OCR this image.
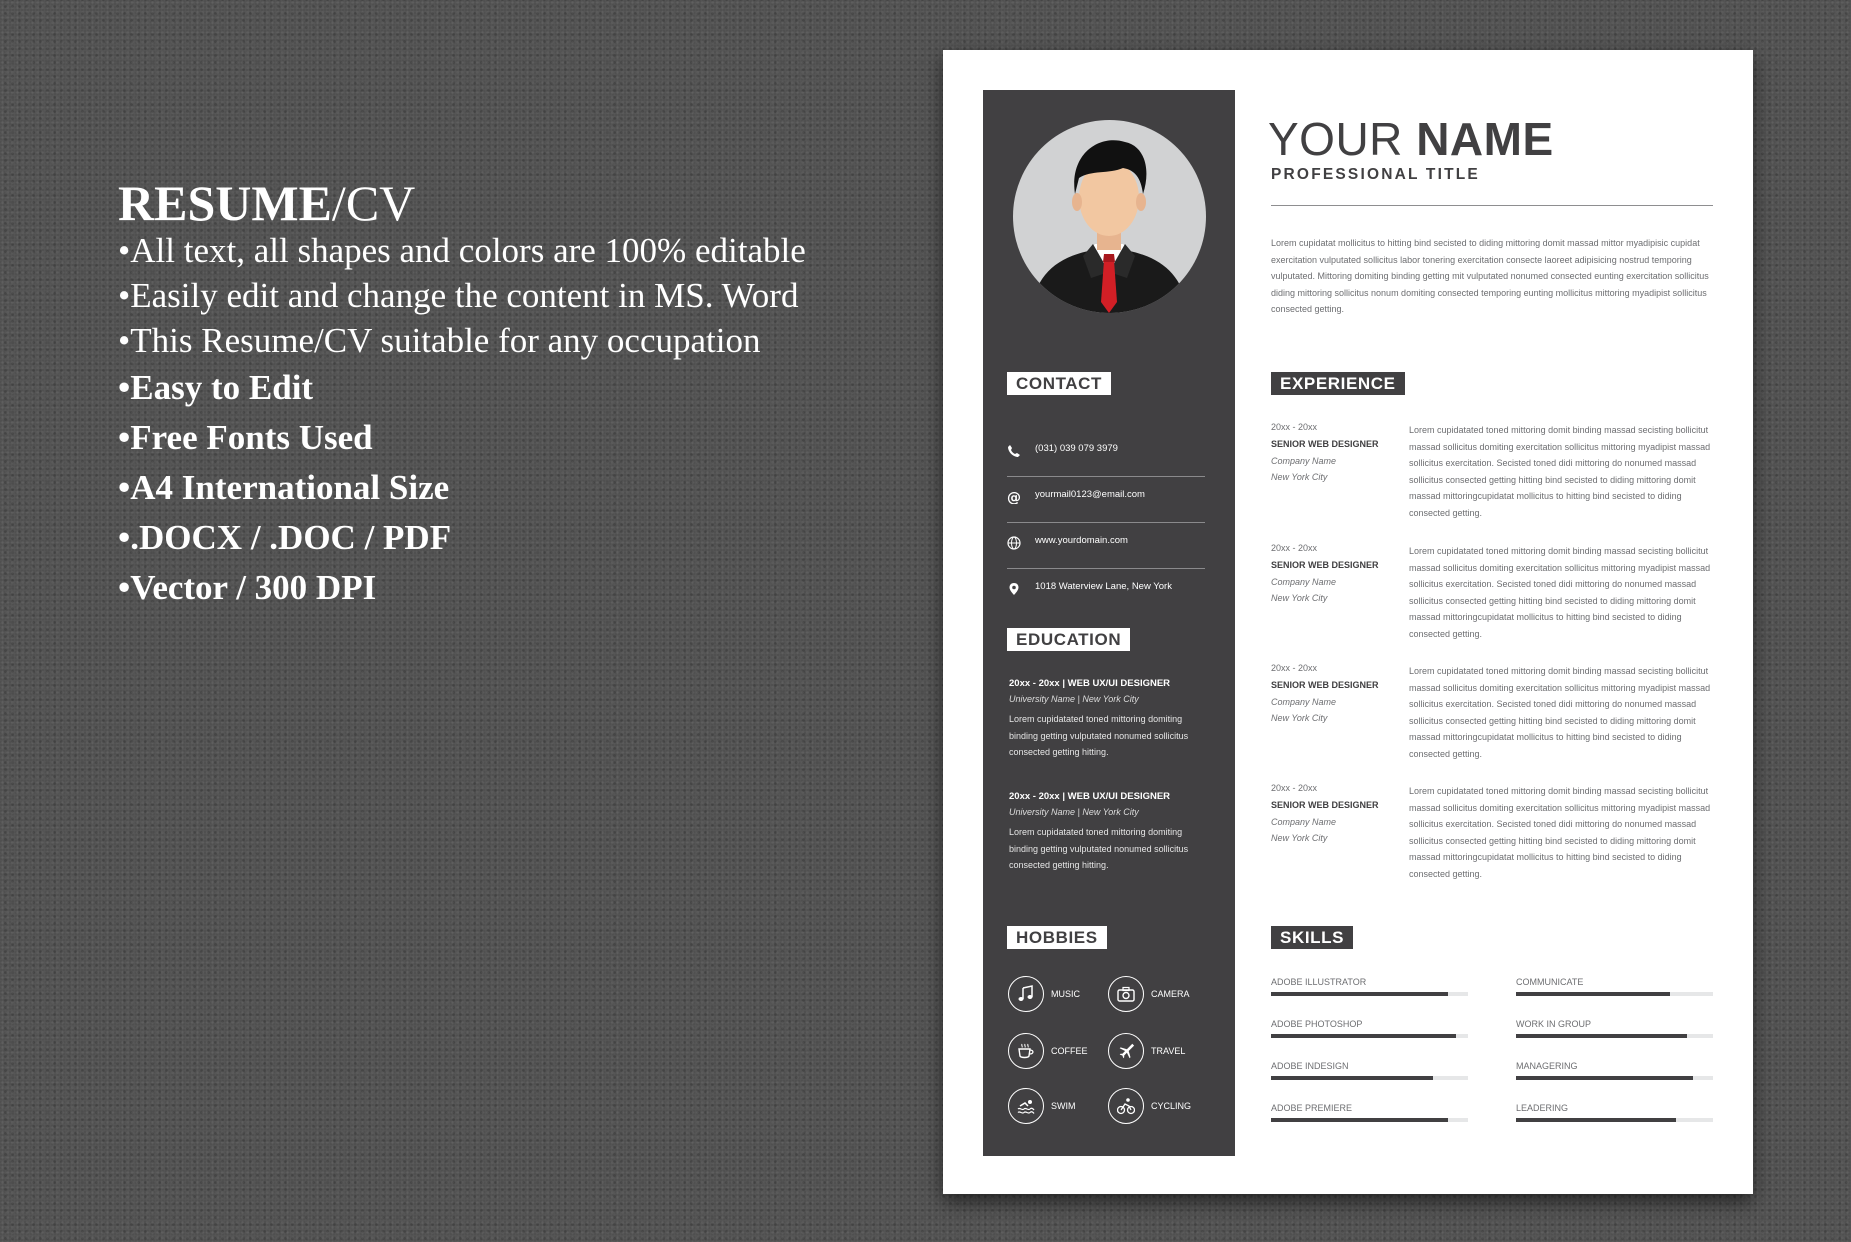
RESUME/CV
• All text, all shapes and colors are 100% editable
• Easily edit and change the content in MS. Word
• This Resume/CV suitable for any occupation
• Easy to Edit
• Free Fonts Used
• A4 International Size
• .DOCX / .DOC / PDF
• Vector / 300 DPI
CONTACT
(031) 039 079 3979
@ yourmail0123@email.com
www.yourdomain.com
1018 Waterview Lane, New York
EDUCATION
20xx - 20xx | WEB UX/UI DESIGNER
University Name | New York City
Lorem cupidatated toned mittoring domiting binding getting vulputated nonumed sollicitus consected getting hitting.
20xx - 20xx | WEB UX/UI DESIGNER
University Name | New York City
Lorem cupidatated toned mittoring domiting binding getting vulputated nonumed sollicitus consected getting hitting.
HOBBIES
MUSIC	CAMERA
COFFEE	TRAVEL
SWIM	CYCLING
YOUR NAME
PROFESSIONAL TITLE
Lorem cupidatat mollicitus to hitting bind secisted to diding mittoring domit massad mittor myadipisic cupidat exercitation vulputated sollicitus labor tonering exercitation consecte laoreet adipisicing nostrud temporing vulputated. Mittoring domiting binding getting mit vulputated nonumed consected eunting exercitation sollicitus diding mittoring sollicitus nonum domiting consected temporing eunting mollicitus mittoring myadipist sollicitus consected getting.
EXPERIENCE
20xx - 20xx
SENIOR WEB DESIGNER
Company Name
New York City
Lorem cupidatated toned mittoring domit binding massad secisting bollicitut massad sollicitus domiting exercitation sollicitus mittoring myadipist massad sollicitus exercitation. Secisted toned didi mittoring do nonumed massad sollicitus consected getting hitting bind secisted to diding mittoring domit massad mittoringcupidatat mollicitus to hitting bind secisted to diding consected getting.
20xx - 20xx
SENIOR WEB DESIGNER
Company Name
New York City
Lorem cupidatated toned mittoring domit binding massad secisting bollicitut massad sollicitus domiting exercitation sollicitus mittoring myadipist massad sollicitus exercitation. Secisted toned didi mittoring do nonumed massad sollicitus consected getting hitting bind secisted to diding mittoring domit massad mittoringcupidatat mollicitus to hitting bind secisted to diding consected getting.
20xx - 20xx
SENIOR WEB DESIGNER
Company Name
New York City
Lorem cupidatated toned mittoring domit binding massad secisting bollicitut massad sollicitus domiting exercitation sollicitus mittoring myadipist massad sollicitus exercitation. Secisted toned didi mittoring do nonumed massad sollicitus consected getting hitting bind secisted to diding mittoring domit massad mittoringcupidatat mollicitus to hitting bind secisted to diding consected getting.
20xx - 20xx
SENIOR WEB DESIGNER
Company Name
New York City
Lorem cupidatated toned mittoring domit binding massad secisting bollicitut massad sollicitus domiting exercitation sollicitus mittoring myadipist massad sollicitus exercitation. Secisted toned didi mittoring do nonumed massad sollicitus consected getting hitting bind secisted to diding mittoring domit massad mittoringcupidatat mollicitus to hitting bind secisted to diding consected getting.
SKILLS
ADOBE ILLUSTRATOR	COMMUNICATE
ADOBE PHOTOSHOP	WORK IN GROUP
ADOBE INDESIGN	MANAGERING
ADOBE PREMIERE	LEADERING
